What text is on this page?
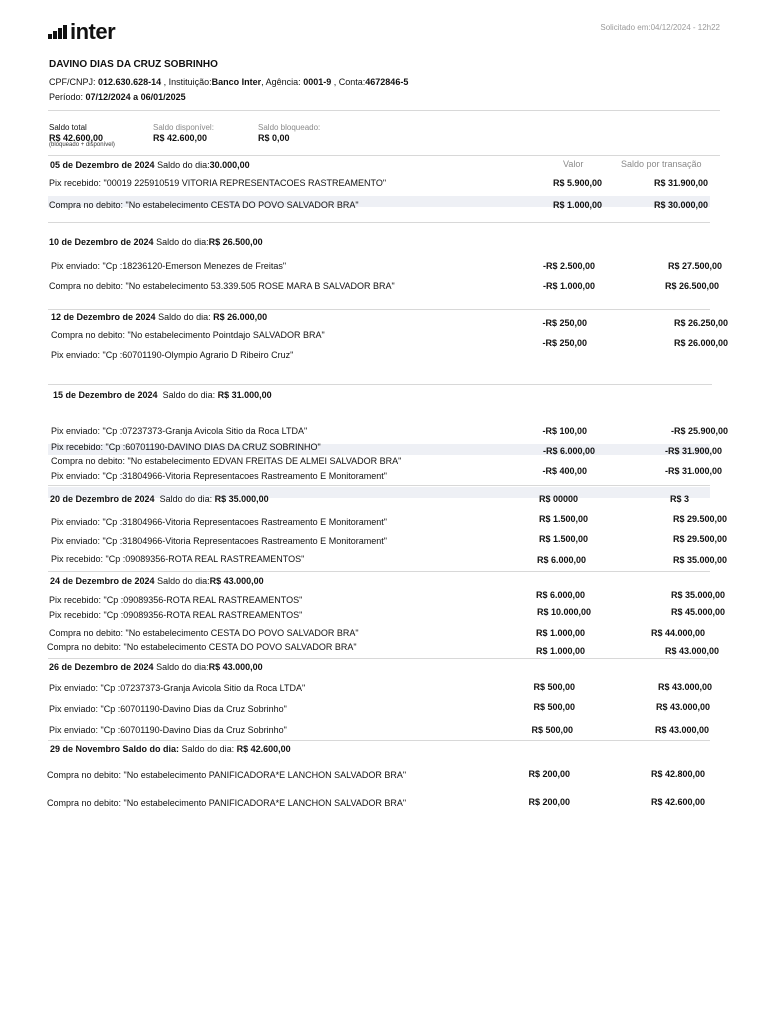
inter	Solicitado em:04/12/2024 - 12h22
DAVINO DIAS DA CRUZ SOBRINHO
CPF/CNPJ: 012.630.628-14 , Instituição:Banco Inter, Agência: 0001-9 , Conta:4672846-5
Período: 07/12/2024 a 06/01/2025
Saldo total
R$ 42.600,00
(bloqueado + disponível)
Saldo disponível:
R$ 42.600,00
Saldo bloqueado:
R$ 0,00
Valor	Saldo por transação
05 de Dezembro de 2024 Saldo do dia:30.000,00
10 de Dezembro de 2024 Saldo do dia:R$ 26.500,00
12 de Dezembro de 2024 Saldo do dia: R$ 26.000,00
15 de Dezembro de 2024 Saldo do dia: R$ 31.000,00
20 de Dezembro de 2024 Saldo do dia: R$ 35.000,00
24 de Dezembro de 2024 Saldo do dia:R$ 43.000,00
26 de Dezembro de 2024 Saldo do dia:R$ 43.000,00
29 de Novembro Saldo do dia: Saldo do dia: R$ 42.600,00
Pix recebido: "00019 225910519 VITORIA REPRESENTACOES RASTREAMENTO"
Compra no debito: "No estabelecimento CESTA DO POVO SALVADOR BRA"
Pix enviado: "Cp :18236120-Emerson Menezes de Freitas"
Compra no debito: "No estabelecimento 53.339.505 ROSE MARA B SALVADOR BRA"
Compra no debito: "No estabelecimento Pointdajo SALVADOR BRA"
Pix enviado: "Cp :60701190-Olympio Agrario D Ribeiro Cruz"
Pix enviado: "Cp :07237373-Granja Avicola Sitio da Roca LTDA"
Pix recebido: "Cp :60701190-DAVINO DIAS DA CRUZ SOBRINHO"
Compra no debito: "No estabelecimento EDVAN FREITAS DE ALMEI SALVADOR BRA"
Pix enviado: "Cp :31804966-Vitoria Representacoes Rastreamento E Monitorament"
Pix enviado: "Cp :31804966-Vitoria Representacoes Rastreamento E Monitorament"
Pix enviado: "Cp :31804966-Vitoria Representacoes Rastreamento E Monitorament"
Pix recebido: "Cp :09089356-ROTA REAL RASTREAMENTOS"
Pix recebido: "Cp :09089356-ROTA REAL RASTREAMENTOS"
Pix recebido: "Cp :09089356-ROTA REAL RASTREAMENTOS"
Compra no debito: "No estabelecimento CESTA DO POVO SALVADOR BRA"
Compra no debito: "No estabelecimento CESTA DO POVO SALVADOR BRA"
Pix enviado: "Cp :07237373-Granja Avicola Sitio da Roca LTDA"
Pix enviado: "Cp :60701190-Davino Dias da Cruz Sobrinho"
Pix enviado: "Cp :60701190-Davino Dias da Cruz Sobrinho"
Compra no debito: "No estabelecimento PANIFICADORA*E LANCHON SALVADOR BRA"
Compra no debito: "No estabelecimento PANIFICADORA*E LANCHON SALVADOR BRA"
R$ 5.900,00
R$ 1.000,00
-R$ 2.500,00
-R$ 1.000,00
-R$ 250,00
-R$ 250,00
-R$ 100,00
-R$ 6.000,00
-R$ 400,00
R$ 00000
R$ 1.500,00
R$ 1.500,00
R$ 6.000,00
R$ 6.000,00
R$ 10.000,00
R$ 1.000,00
R$ 1.000,00
R$ 500,00
R$ 500,00
R$ 500,00
R$ 200,00
R$ 200,00
R$ 31.900,00
R$ 30.000,00
R$ 27.500,00
R$ 26.500,00
R$ 26.250,00
R$ 26.000,00
-R$ 25.900,00
-R$ 31.900,00
-R$ 31.000,00
R$ 3
R$ 29.500,00
R$ 29.500,00
R$ 35.000,00
R$ 35.000,00
R$ 45.000,00
R$ 44.000,00
R$ 43.000,00
R$ 43.000,00
R$ 43.000,00
R$ 43.000,00
R$ 42.800,00
R$ 42.600,00
